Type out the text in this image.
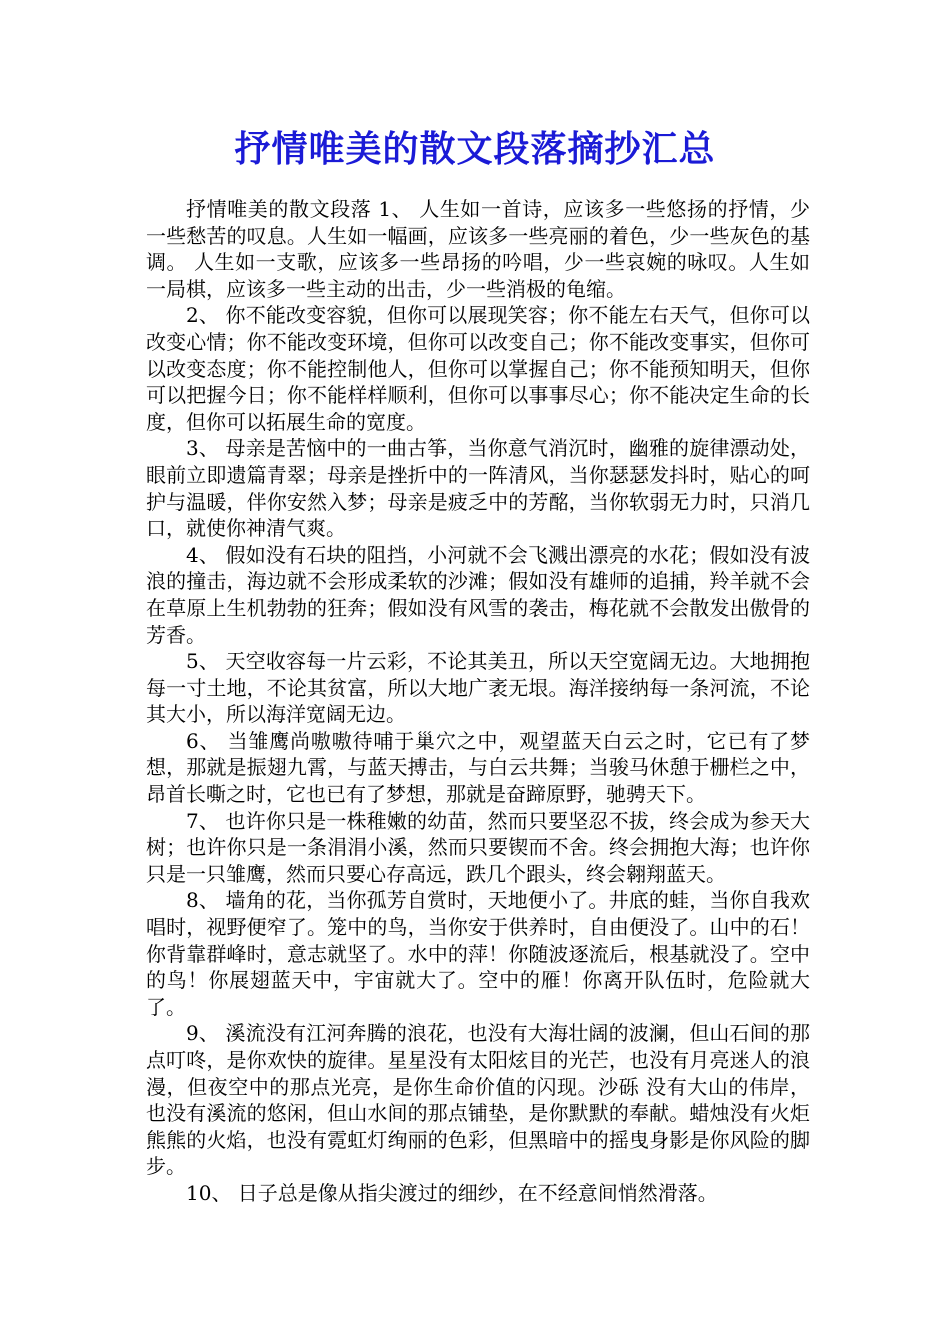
抒情唯美的散文段落摘抄汇总

抒情唯美的散文段落 1、 人生如一首诗，应该多一些悠扬的抒情，少一些愁苦的叹息。人生如一幅画，应该多一些亮丽的着色，少一些灰色的基调。 人生如一支歌，应该多一些昂扬的吟唱，少一些哀婉的咏叹。人生如一局棋，应该多一些主动的出击，少一些消极的龟缩。

2、 你不能改变容貌，但你可以展现笑容；你不能左右天气，但你可以改变心情；你不能改变环境，但你可以改变自己；你不能改变事实，但你可以改变态度；你不能控制他人，但你可以掌握自己；你不能预知明天，但你可以把握今日；你不能样样顺利，但你可以事事尽心；你不能决定生命的长度，但你可以拓展生命的宽度。

3、 母亲是苦恼中的一曲古筝，当你意气消沉时，幽雅的旋律漂动处，眼前立即遗篇青翠；母亲是挫折中的一阵清风，当你瑟瑟发抖时，贴心的呵护与温暖，伴你安然入梦；母亲是疲乏中的芳酩，当你软弱无力时，只消几口，就使你神清气爽。

4、 假如没有石块的阻挡，小河就不会飞溅出漂亮的水花；假如没有波浪的撞击，海边就不会形成柔软的沙滩；假如没有雄师的追捕，羚羊就不会在草原上生机勃勃的狂奔；假如没有风雪的袭击，梅花就不会散发出傲骨的芳香。

5、 天空收容每一片云彩，不论其美丑，所以天空宽阔无边。大地拥抱每一寸土地，不论其贫富，所以大地广袤无垠。海洋接纳每一条河流，不论其大小，所以海洋宽阔无边。

6、 当雏鹰尚嗷嗷待哺于巢穴之中，观望蓝天白云之时，它已有了梦想，那就是振翅九霄，与蓝天搏击，与白云共舞；当骏马休憩于栅栏之中，昂首长嘶之时，它也已有了梦想，那就是奋蹄原野，驰骋天下。

7、 也许你只是一株稚嫩的幼苗，然而只要坚忍不拔，终会成为参天大树；也许你只是一条涓涓小溪，然而只要锲而不舍。终会拥抱大海；也许你只是一只雏鹰，然而只要心存高远，跌几个跟头，终会翱翔蓝天。

8、 墙角的花，当你孤芳自赏时，天地便小了。井底的蛙，当你自我欢唱时，视野便窄了。笼中的鸟，当你安于供养时，自由便没了。山中的石！你背靠群峰时，意志就坚了。水中的萍！你随波逐流后，根基就没了。空中的鸟！你展翅蓝天中，宇宙就大了。空中的雁！你离开队伍时，危险就大了。

9、 溪流没有江河奔腾的浪花，也没有大海壮阔的波澜，但山石间的那点叮咚，是你欢快的旋律。星星没有太阳炫目的光芒，也没有月亮迷人的浪漫，但夜空中的那点光亮，是你生命价值的闪现。沙砾 没有大山的伟岸，也没有溪流的悠闲，但山水间的那点铺垫，是你默默的奉献。蜡烛没有火炬熊熊的火焰，也没有霓虹灯绚丽的色彩，但黑暗中的摇曳身影是你风险的脚步。

10、 日子总是像从指尖渡过的细纱，在不经意间悄然滑落。
